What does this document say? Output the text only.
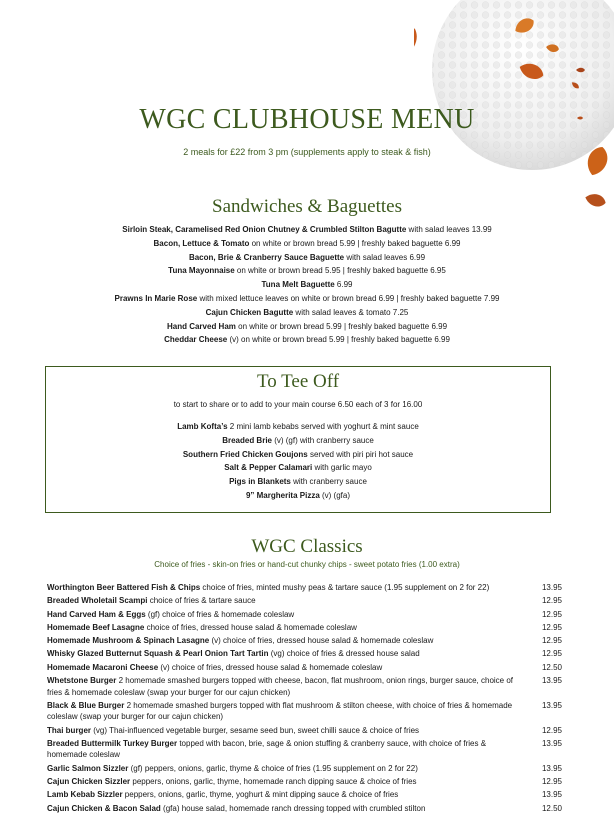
WGC CLUBHOUSE MENU
2 meals for £22 from 3 pm (supplements apply to steak & fish)
Sandwiches & Baguettes
Sirloin Steak, Caramelised Red Onion Chutney & Crumbled Stilton Bagutte with salad leaves 13.99
Bacon, Lettuce & Tomato on white or brown bread 5.99 | freshly baked baguette 6.99
Bacon, Brie & Cranberry Sauce Baguette with salad leaves 6.99
Tuna Mayonnaise on white or brown bread 5.95 | freshly baked baguette 6.95
Tuna Melt Baguette 6.99
Prawns In Marie Rose with mixed lettuce leaves on white or brown bread 6.99 | freshly baked baguette 7.99
Cajun Chicken Bagutte with salad leaves & tomato 7.25
Hand Carved Ham on white or brown bread 5.99 | freshly baked baguette 6.99
Cheddar Cheese (v) on white or brown bread 5.99 | freshly baked baguette 6.99
To Tee Off
to start to share or to add to your main course 6.50 each of 3 for 16.00
Lamb Kofta’s 2 mini lamb kebabs served with yoghurt & mint sauce
Breaded Brie (v) (gf) with cranberry sauce
Southern Fried Chicken Goujons served with piri piri hot sauce
Salt & Pepper Calamari with garlic mayo
Pigs in Blankets with cranberry sauce
9” Margherita Pizza (v) (gfa)
WGC Classics
Choice of fries - skin-on fries or hand-cut chunky chips - sweet potato fries (1.00 extra)
Worthington Beer Battered Fish & Chips choice of fries, minted mushy peas & tartare sauce (1.95 supplement on 2 for 22)	13.95
Breaded Wholetail Scampi choice of fries & tartare sauce	12.95
Hand Carved Ham & Eggs (gf) choice of fries & homemade coleslaw	12.95
Homemade Beef Lasagne choice of fries, dressed house salad & homemade coleslaw	12.95
Homemade Mushroom & Spinach Lasagne (v) choice of fries, dressed house salad & homemade coleslaw	12.95
Whisky Glazed Butternut Squash & Pearl Onion Tart Tartin (vg) choice of fries & dressed house salad	12.95
Homemade Macaroni Cheese (v) choice of fries, dressed house salad & homemade coleslaw	12.50
Whetstone Burger 2 homemade smashed burgers topped with cheese, bacon, flat mushroom, onion rings, burger sauce, choice of fries & homemade coleslaw (swap your burger for our cajun chicken)
13.95
Black & Blue Burger 2 homemade smashed burgers topped with flat mushroom & stilton cheese, with choice of fries & homemade coleslaw (swap your burger for our cajun chicken)
13.95
Thai burger (vg) Thai-influenced vegetable burger, sesame seed bun, sweet chilli sauce & choice of fries	12.95
Breaded Buttermilk Turkey Burger topped with bacon, brie, sage & onion stuffing & cranberry sauce, with choice of fries & homemade coleslaw
13.95
Garlic Salmon Sizzler (gf) peppers, onions, garlic, thyme & choice of fries (1.95 supplement on 2 for 22)	13.95
Cajun Chicken Sizzler peppers, onions, garlic, thyme, homemade ranch dipping sauce & choice of fries	12.95
Lamb Kebab Sizzler peppers, onions, garlic, thyme, yoghurt & mint dipping sauce & choice of fries	13.95
Cajun Chicken & Bacon Salad (gfa) house salad, homemade ranch dressing topped with crumbled stilton	12.50
